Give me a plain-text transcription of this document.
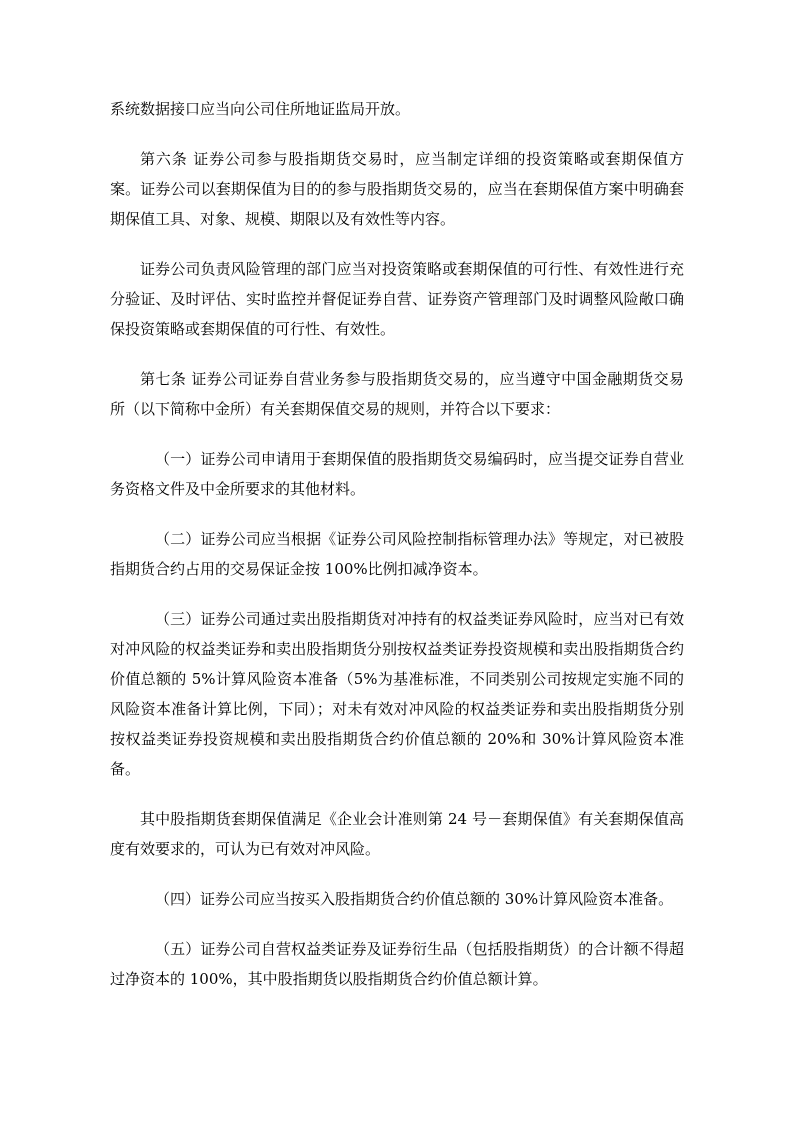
系统数据接口应当向公司住所地证监局开放。

第六条 证券公司参与股指期货交易时，应当制定详细的投资策略或套期保值方案。证券公司以套期保值为目的的参与股指期货交易的，应当在套期保值方案中明确套期保值工具、对象、规模、期限以及有效性等内容。

证券公司负责风险管理的部门应当对投资策略或套期保值的可行性、有效性进行充分验证、及时评估、实时监控并督促证券自营、证券资产管理部门及时调整风险敞口确保投资策略或套期保值的可行性、有效性。

第七条 证券公司证券自营业务参与股指期货交易的，应当遵守中国金融期货交易所（以下简称中金所）有关套期保值交易的规则，并符合以下要求：

（一）证券公司申请用于套期保值的股指期货交易编码时，应当提交证券自营业务资格文件及中金所要求的其他材料。

（二）证券公司应当根据《证券公司风险控制指标管理办法》等规定，对已被股指期货合约占用的交易保证金按 100%比例扣减净资本。

（三）证券公司通过卖出股指期货对冲持有的权益类证券风险时，应当对已有效对冲风险的权益类证券和卖出股指期货分别按权益类证券投资规模和卖出股指期货合约价值总额的 5%计算风险资本准备（5%为基准标准，不同类别公司按规定实施不同的风险资本准备计算比例，下同）；对未有效对冲风险的权益类证券和卖出股指期货分别按权益类证券投资规模和卖出股指期货合约价值总额的 20%和 30%计算风险资本准备。

其中股指期货套期保值满足《企业会计准则第 24 号－套期保值》有关套期保值高度有效要求的，可认为已有效对冲风险。

（四）证券公司应当按买入股指期货合约价值总额的 30%计算风险资本准备。

（五）证券公司自营权益类证券及证券衍生品（包括股指期货）的合计额不得超过净资本的 100%，其中股指期货以股指期货合约价值总额计算。
